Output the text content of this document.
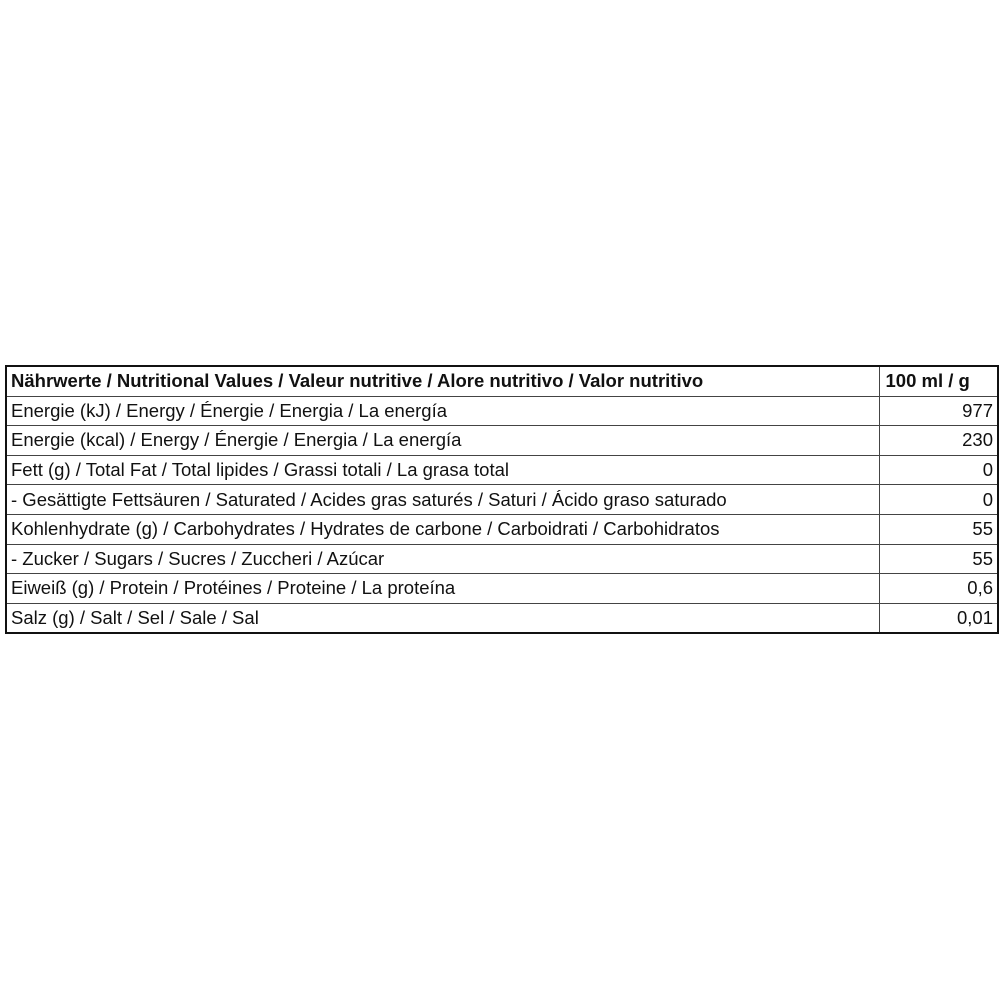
Nährwerte / Nutritional Values / Valeur nutritive / Alore nutritivo / Valor nutritivo	100 ml / g
Energie (kJ) / Energy / Énergie / Energia / La energía	977
Energie (kcal) / Energy / Énergie / Energia / La energía	230
Fett (g) / Total Fat / Total lipides / Grassi totali / La grasa total	0
- Gesättigte Fettsäuren / Saturated / Acides gras saturés / Saturi / Ácido graso saturado	0
Kohlenhydrate (g) / Carbohydrates / Hydrates de carbone / Carboidrati / Carbohidratos	55
- Zucker / Sugars / Sucres / Zuccheri / Azúcar	55
Eiweiß (g) / Protein / Protéines / Proteine / La proteína	0,6
Salz (g) / Salt / Sel / Sale / Sal	0,01
